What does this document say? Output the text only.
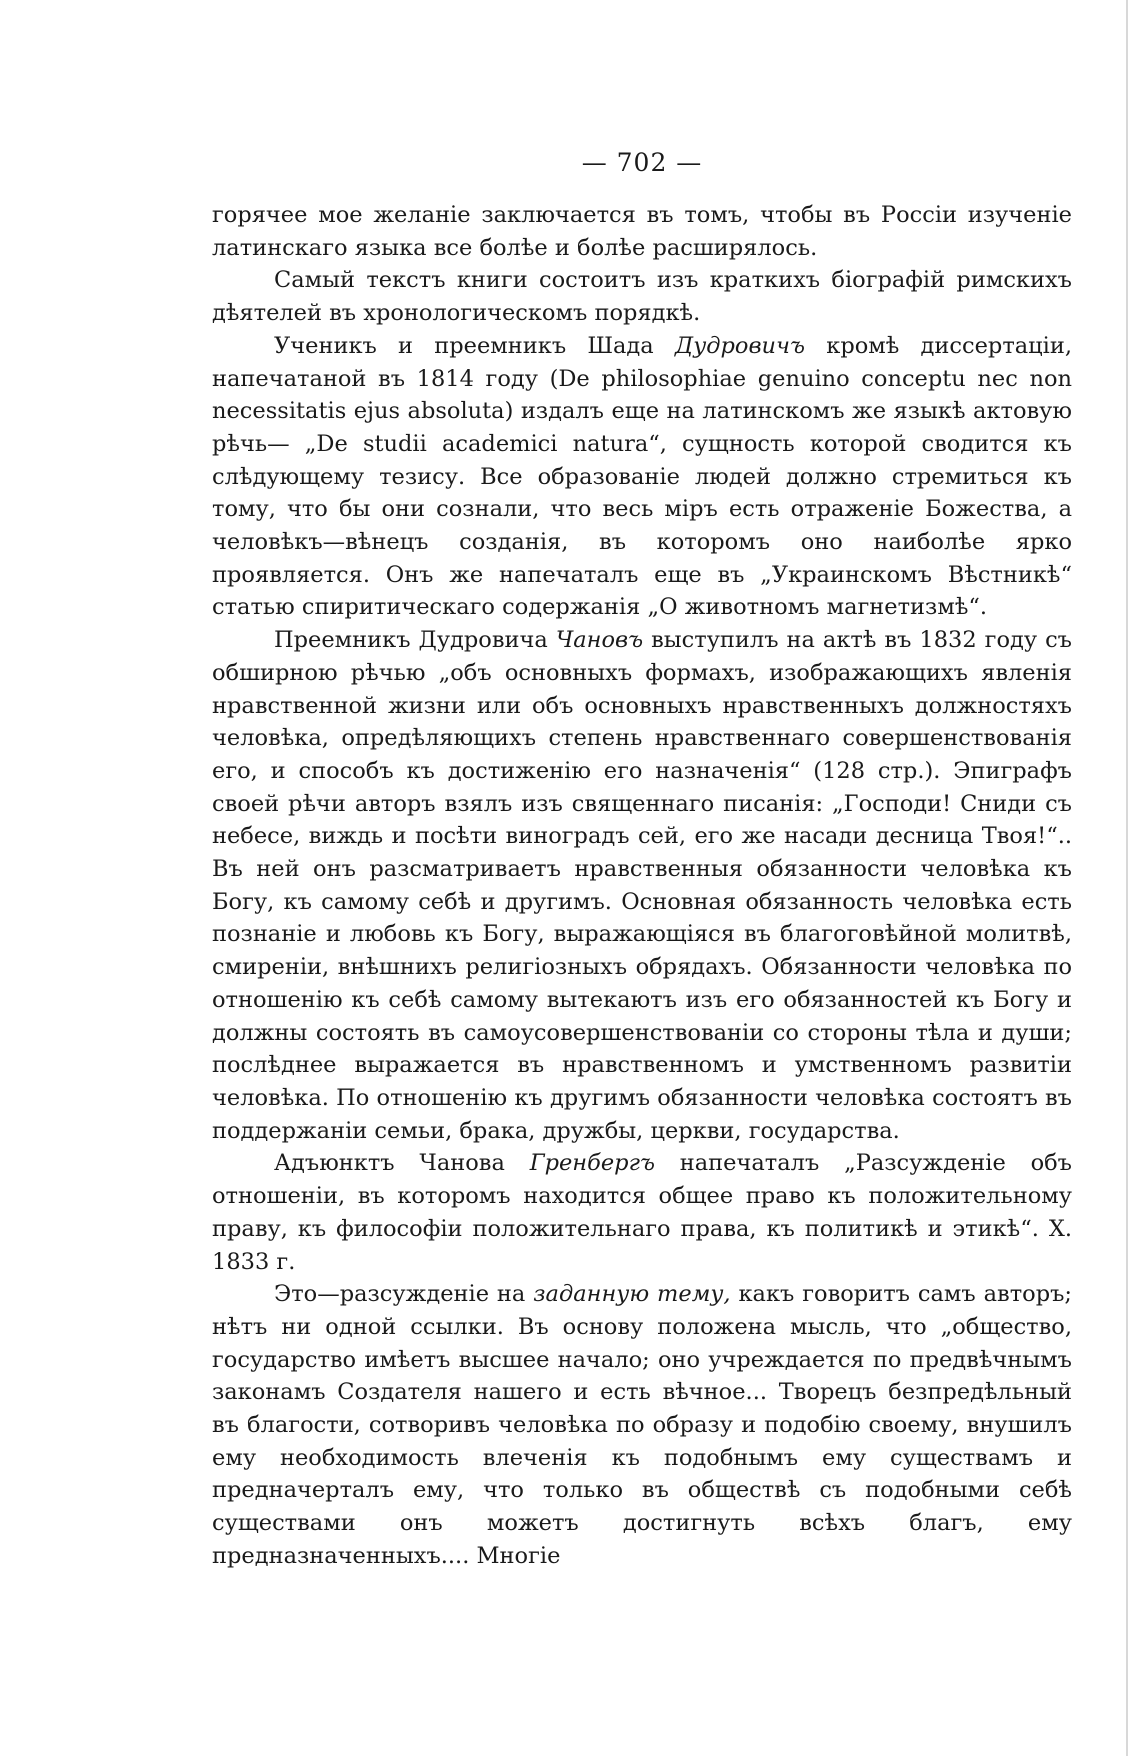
— 702 —

горячее мое желаніе заключается въ томъ, чтобы въ Россіи изученіе латинскаго языка все болѣе и болѣе расширялось.

Самый текстъ книги состоитъ изъ краткихъ біографій римскихъ дѣятелей въ хронологическомъ порядкѣ.

Ученикъ и преемникъ Шада Дудровичъ кромѣ диссертаціи, напечатаной въ 1814 году (De philosophiae genuino conceptu nec non necessitatis ejus absoluta) издалъ еще на латинскомъ же языкѣ актовую рѣчь— „De studii academici natura“, сущность которой сводится къ слѣдующему тезису. Все образованіе людей должно стремиться къ тому, что бы они сознали, что весь міръ есть отраженіе Божества, а человѣкъ—вѣнецъ созданія, въ которомъ оно наиболѣе ярко проявляется. Онъ же напечаталъ еще въ „Украинскомъ Вѣстникѣ“ статью спиритическаго содержанія „О животномъ магнетизмѣ“.

Преемникъ Дудровича Чановъ выступилъ на актѣ въ 1832 году съ обширною рѣчью „объ основныхъ формахъ, изображающихъ явленія нравственной жизни или объ основныхъ нравственныхъ должностяхъ человѣка, опредѣляющихъ степень нравственнаго совершенствованія его, и способъ къ достиженію его назначенія“ (128 стр.). Эпиграфъ своей рѣчи авторъ взялъ изъ священнаго писанія: „Господи! Сниди съ небесе, виждь и посѣти виноградъ сей, его же насади десница Твоя!“.. Въ ней онъ разсматриваетъ нравственныя обязанности человѣка къ Богу, къ самому себѣ и другимъ. Основная обязанность человѣка есть познаніе и любовь къ Богу, выражающіяся въ благоговѣйной молитвѣ, смиреніи, внѣшнихъ религіозныхъ обрядахъ. Обязанности человѣка по отношенію къ себѣ самому вытекаютъ изъ его обязанностей къ Богу и должны состоять въ самоусовершенствованіи со стороны тѣла и души; послѣднее выражается въ нравственномъ и умственномъ развитіи человѣка. По отношенію къ другимъ обязанности человѣка состоятъ въ поддержаніи семьи, брака, дружбы, церкви, государства.

Адъюнктъ Чанова Гренбергъ напечаталъ „Разсужденіе объ отношеніи, въ которомъ находится общее право къ положительному праву, къ философіи положительнаго права, къ политикѣ и этикѣ“. X. 1833 г.

Это—разсужденіе на заданную тему, какъ говоритъ самъ авторъ; нѣтъ ни одной ссылки. Въ основу положена мысль, что „общество, государство имѣетъ высшее начало; оно учреждается по предвѣчнымъ законамъ Создателя нашего и есть вѣчное... Творецъ безпредѣльный въ благости, сотворивъ человѣка по образу и подобію своему, внушилъ ему необходимость влеченія къ подобнымъ ему существамъ и предначерталъ ему, что только въ обществѣ съ подобными себѣ существами онъ можетъ достигнуть всѣхъ благъ, ему предназначенныхъ.... Многіе
